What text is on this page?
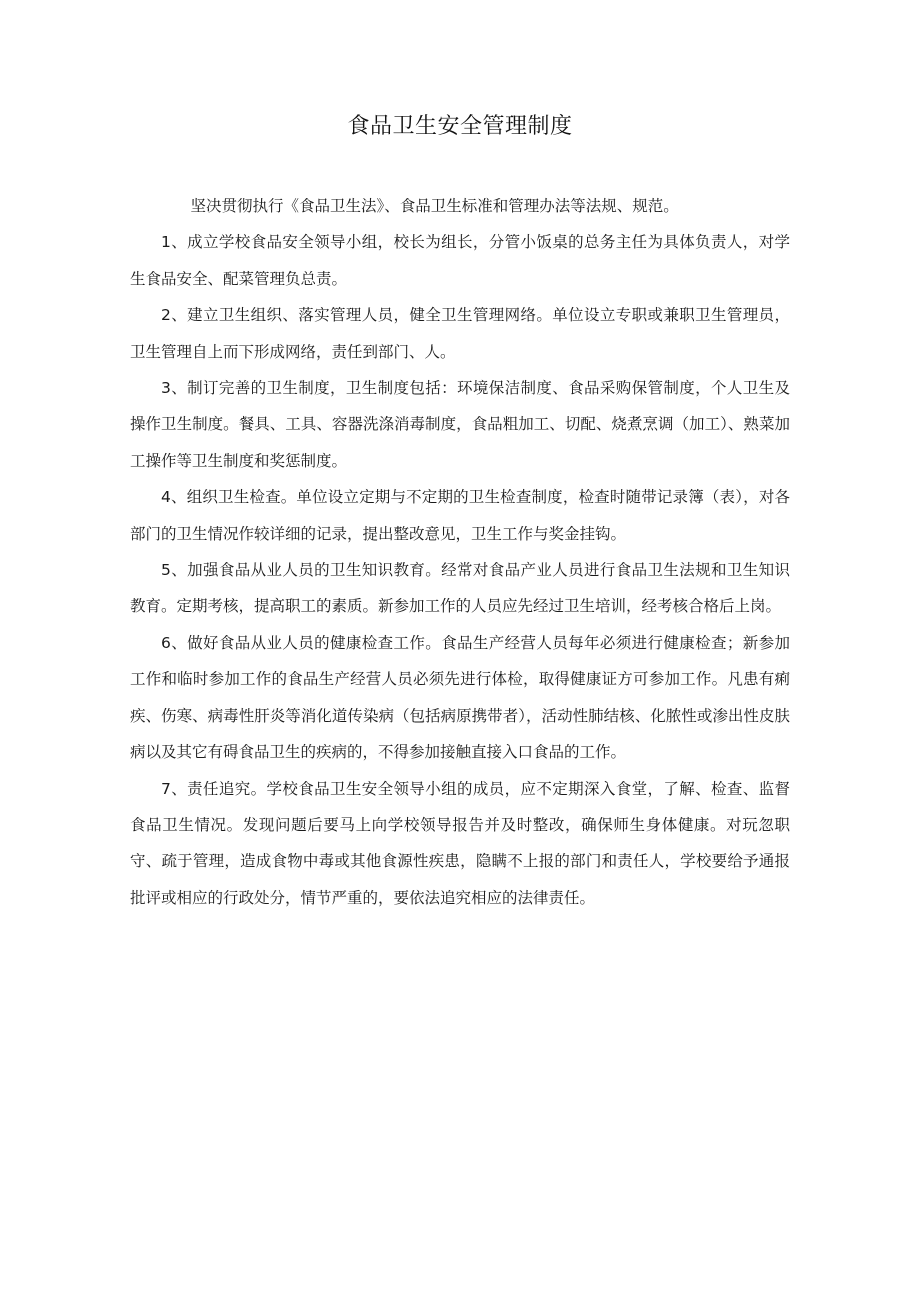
食品卫生安全管理制度

坚决贯彻执行《食品卫生法》、食品卫生标准和管理办法等法规、规范。

1、成立学校食品安全领导小组，校长为组长，分管小饭桌的总务主任为具体负责人，对学生食品安全、配菜管理负总责。

2、建立卫生组织、落实管理人员，健全卫生管理网络。单位设立专职或兼职卫生管理员，卫生管理自上而下形成网络，责任到部门、人。

3、制订完善的卫生制度，卫生制度包括：环境保洁制度、食品采购保管制度，个人卫生及操作卫生制度。餐具、工具、容器洗涤消毒制度，食品粗加工、切配、烧煮烹调（加工）、熟菜加工操作等卫生制度和奖惩制度。

4、组织卫生检查。单位设立定期与不定期的卫生检查制度，检查时随带记录簿（表），对各部门的卫生情况作较详细的记录，提出整改意见，卫生工作与奖金挂钩。

5、加强食品从业人员的卫生知识教育。经常对食品产业人员进行食品卫生法规和卫生知识教育。定期考核，提高职工的素质。新参加工作的人员应先经过卫生培训，经考核合格后上岗。

6、做好食品从业人员的健康检查工作。食品生产经营人员每年必须进行健康检查；新参加工作和临时参加工作的食品生产经营人员必须先进行体检，取得健康证方可参加工作。凡患有痢疾、伤寒、病毒性肝炎等消化道传染病（包括病原携带者），活动性肺结核、化脓性或渗出性皮肤病以及其它有碍食品卫生的疾病的，不得参加接触直接入口食品的工作。

7、责任追究。学校食品卫生安全领导小组的成员，应不定期深入食堂，了解、检查、监督食品卫生情况。发现问题后要马上向学校领导报告并及时整改，确保师生身体健康。对玩忽职守、疏于管理，造成食物中毒或其他食源性疾患，隐瞒不上报的部门和责任人，学校要给予通报批评或相应的行政处分，情节严重的，要依法追究相应的法律责任。
